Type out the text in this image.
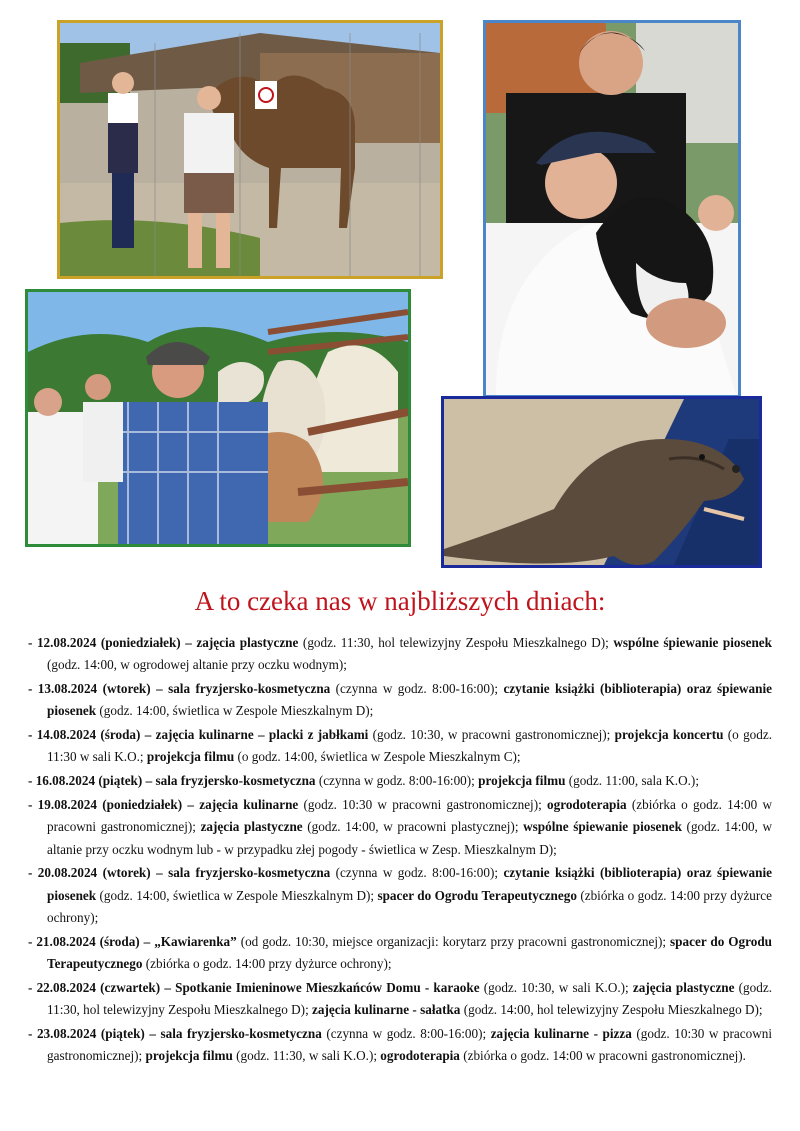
A to czeka nas w najbliższych dniach:
- 12.08.2024 (poniedziałek) – zajęcia plastyczne (godz. 11:30, hol telewizyjny Zespołu Mieszkalnego D); wspólne śpiewanie piosenek (godz. 14:00, w ogrodowej altanie przy oczku wodnym);
- 13.08.2024 (wtorek) – sala fryzjersko-kosmetyczna (czynna w godz. 8:00-16:00); czytanie książki (biblioterapia) oraz śpiewanie piosenek (godz. 14:00, świetlica w Zespole Mieszkalnym D);
- 14.08.2024 (środa) – zajęcia kulinarne – placki z jabłkami (godz. 10:30, w pracowni gastronomicznej); projekcja koncertu (o godz. 11:30 w sali K.O.; projekcja filmu (o godz. 14:00, świetlica w Zespole Mieszkalnym C);
- 16.08.2024 (piątek) – sala fryzjersko-kosmetyczna (czynna w godz. 8:00-16:00); projekcja filmu (godz. 11:00, sala K.O.);
- 19.08.2024 (poniedziałek) – zajęcia kulinarne (godz. 10:30 w pracowni gastronomicznej); ogrodoterapia (zbiórka o godz. 14:00 w pracowni gastronomicznej); zajęcia plastyczne (godz. 14:00, w pracowni plastycznej); wspólne śpiewanie piosenek (godz. 14:00, w altanie przy oczku wodnym lub - w przypadku złej pogody - świetlica w Zesp. Mieszkalnym D);
- 20.08.2024 (wtorek) – sala fryzjersko-kosmetyczna (czynna w godz. 8:00-16:00); czytanie książki (biblioterapia) oraz śpiewanie piosenek (godz. 14:00, świetlica w Zespole Mieszkalnym D); spacer do Ogrodu Terapeutycznego (zbiórka o godz. 14:00 przy dyżurce ochrony);
- 21.08.2024 (środa) – „Kawiarenka” (od godz. 10:30, miejsce organizacji: korytarz przy pracowni gastronomicznej); spacer do Ogrodu Terapeutycznego (zbiórka o godz. 14:00 przy dyżurce ochrony);
- 22.08.2024 (czwartek) – Spotkanie Imieninowe Mieszkańców Domu - karaoke (godz. 10:30, w sali K.O.); zajęcia plastyczne (godz. 11:30, hol telewizyjny Zespołu Mieszkalnego D); zajęcia kulinarne - sałatka (godz. 14:00, hol telewizyjny Zespołu Mieszkalnego D);
- 23.08.2024 (piątek) – sala fryzjersko-kosmetyczna (czynna w godz. 8:00-16:00); zajęcia kulinarne - pizza (godz. 10:30 w pracowni gastronomicznej); projekcja filmu (godz. 11:30, w sali K.O.); ogrodoterapia (zbiórka o godz. 14:00 w pracowni gastronomicznej).
